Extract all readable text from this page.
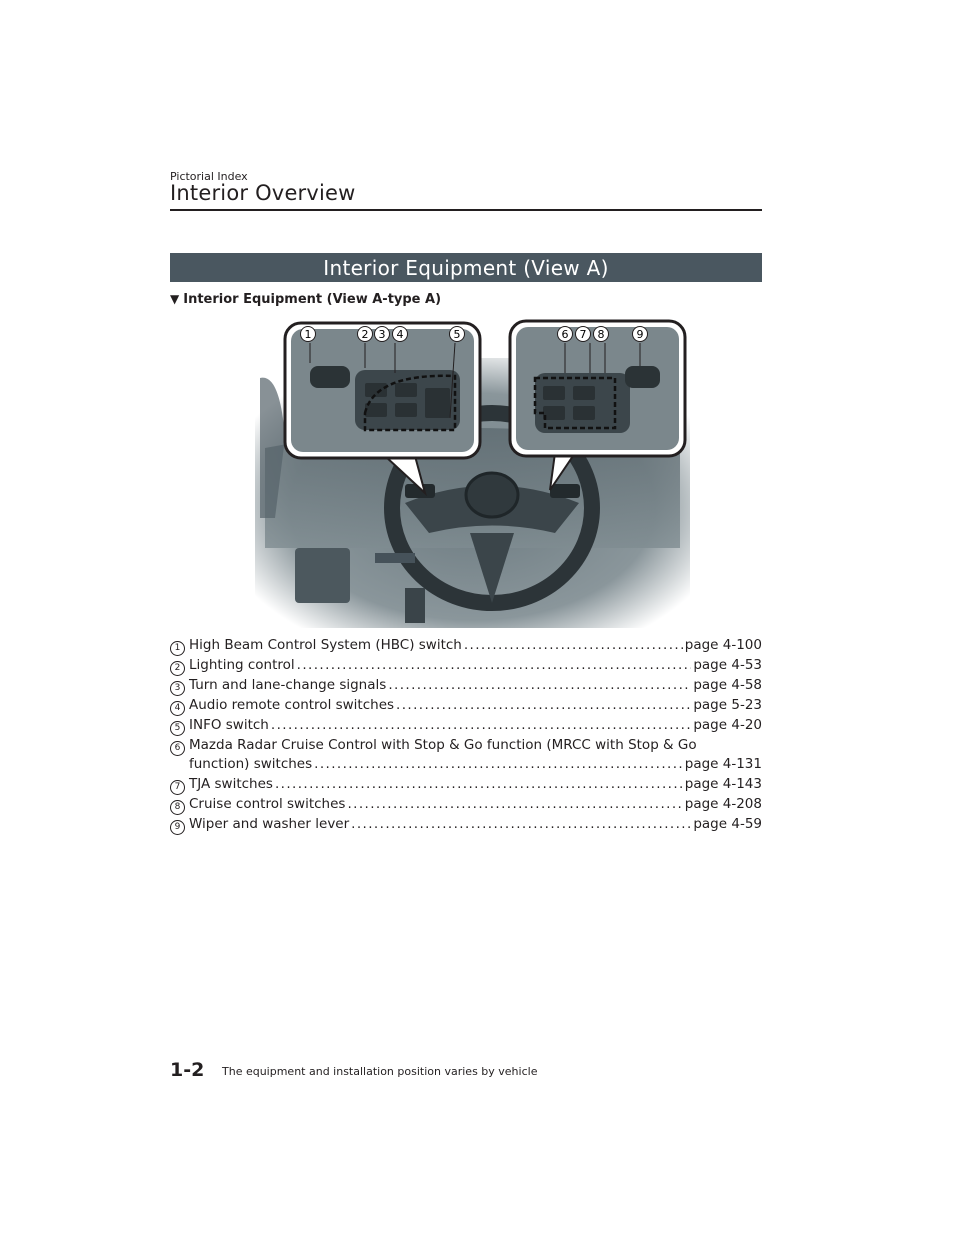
Pictorial Index
Interior Overview
Interior Equipment (View A)
▼ Interior Equipment (View A-type A)
1	2 3 4	5	6 7 8	9
1 High Beam Control System (HBC) switch .....	page 4-100
2 Lighting control .....	page 4-53
3 Turn and lane-change signals .....	page 4-58
4 Audio remote control switches .....	page 5-23
5 INFO switch .....	page 4-20
6 Mazda Radar Cruise Control with Stop & Go function (MRCC with Stop & Go
function) switches .....	page 4-131
7 TJA switches .....	page 4-143
8 Cruise control switches .....	page 4-208
9 Wiper and washer lever .....	page 4-59
1-2 The equipment and installation position varies by vehicle
